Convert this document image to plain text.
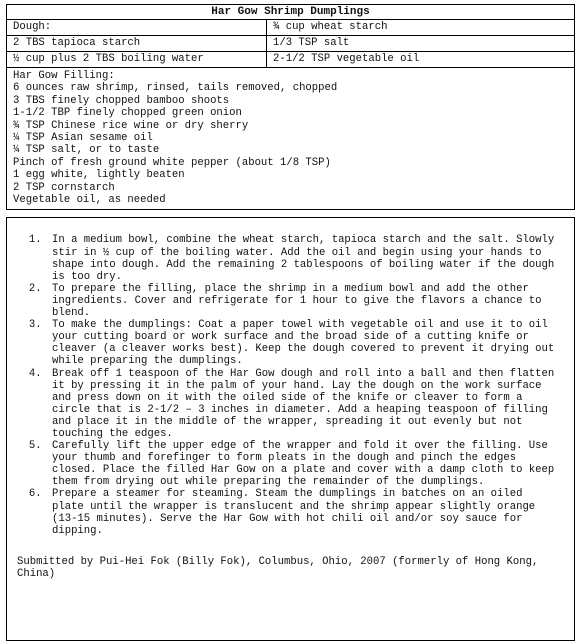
Har Gow Shrimp Dumplings
Dough:	¾ cup wheat starch
2 TBS tapioca starch	1/3 TSP salt
½ cup plus 2 TBS boiling water	2-1/2 TSP vegetable oil
Har Gow Filling:
6 ounces raw shrimp, rinsed, tails removed, chopped
3 TBS finely chopped bamboo shoots
1-1/2 TBP finely chopped green onion
¾ TSP Chinese rice wine or dry sherry
¼ TSP Asian sesame oil
¼ TSP salt, or to taste
Pinch of fresh ground white pepper (about 1/8 TSP)
1 egg white, lightly beaten
2 TSP cornstarch
Vegetable oil, as needed
1. In a medium bowl, combine the wheat starch, tapioca starch and the salt. Slowly stir in ½ cup of the boiling water. Add the oil and begin using your hands to shape into dough. Add the remaining 2 tablespoons of boiling water if the dough is too dry.
2. To prepare the filling, place the shrimp in a medium bowl and add the other ingredients. Cover and refrigerate for 1 hour to give the flavors a chance to blend.
3. To make the dumplings: Coat a paper towel with vegetable oil and use it to oil your cutting board or work surface and the broad side of a cutting knife or cleaver (a cleaver works best). Keep the dough covered to prevent it drying out while preparing the dumplings.
4. Break off 1 teaspoon of the Har Gow dough and roll into a ball and then flatten it by pressing it in the palm of your hand. Lay the dough on the work surface and press down on it with the oiled side of the knife or cleaver to form a circle that is 2-1/2 – 3 inches in diameter. Add a heaping teaspoon of filling and place it in the middle of the wrapper, spreading it out evenly but not touching the edges.
5. Carefully lift the upper edge of the wrapper and fold it over the filling. Use your thumb and forefinger to form pleats in the dough and pinch the edges closed. Place the filled Har Gow on a plate and cover with a damp cloth to keep them from drying out while preparing the remainder of the dumplings.
6. Prepare a steamer for steaming. Steam the dumplings in batches on an oiled plate until the wrapper is translucent and the shrimp appear slightly orange (13-15 minutes). Serve the Har Gow with hot chili oil and/or soy sauce for dipping.
Submitted by Pui-Hei Fok (Billy Fok), Columbus, Ohio, 2007 (formerly of Hong Kong, China)
